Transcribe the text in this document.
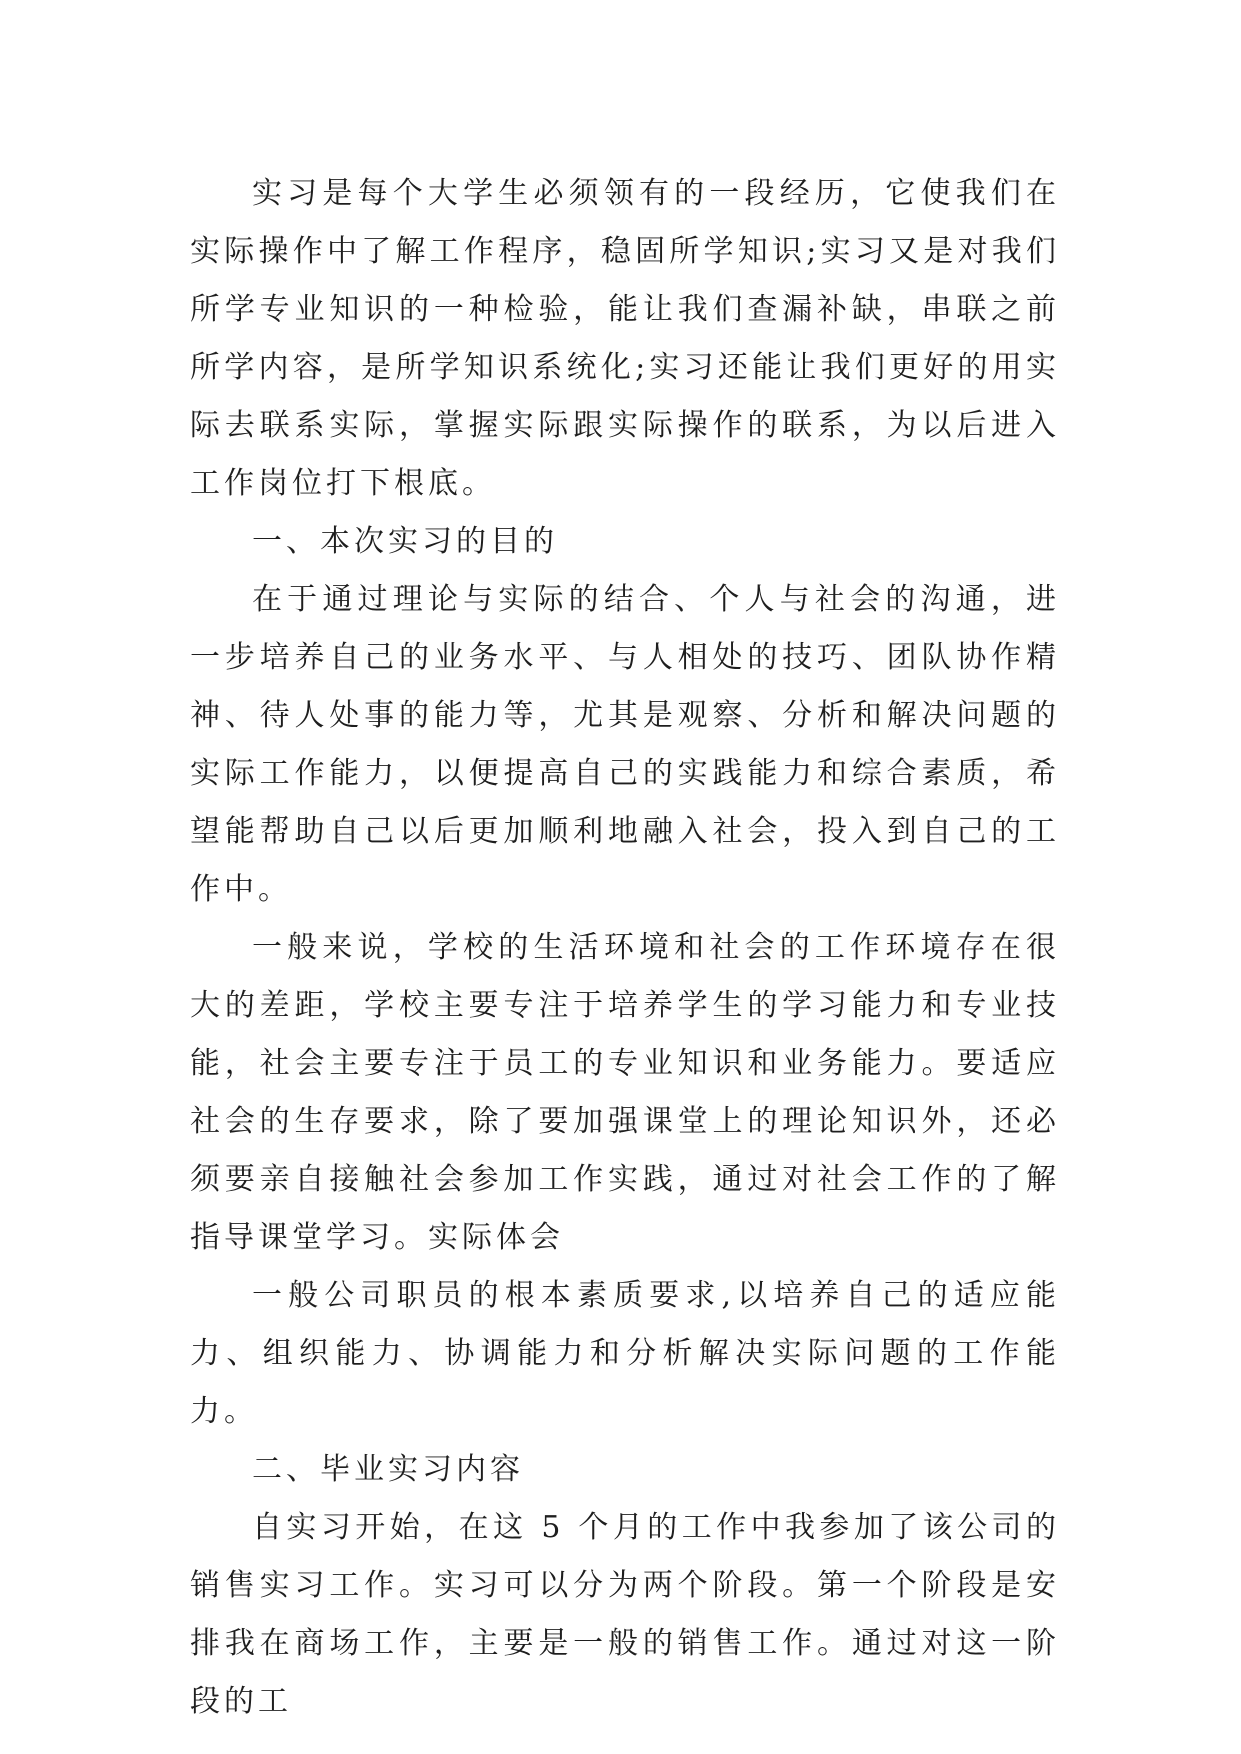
实习是每个大学生必须领有的一段经历，它使我们在实际操作中了解工作程序，稳固所学知识;实习又是对我们所学专业知识的一种检验，能让我们查漏补缺，串联之前所学内容，是所学知识系统化;实习还能让我们更好的用实际去联系实际，掌握实际跟实际操作的联系，为以后进入工作岗位打下根底。

一、本次实习的目的

在于通过理论与实际的结合、个人与社会的沟通，进一步培养自己的业务水平、与人相处的技巧、团队协作精神、待人处事的能力等，尤其是观察、分析和解决问题的实际工作能力，以便提高自己的实践能力和综合素质，希望能帮助自己以后更加顺利地融入社会，投入到自己的工作中。

一般来说，学校的生活环境和社会的工作环境存在很大的差距，学校主要专注于培养学生的学习能力和专业技能，社会主要专注于员工的专业知识和业务能力。要适应社会的生存要求，除了要加强课堂上的理论知识外，还必须要亲自接触社会参加工作实践，通过对社会工作的了解指导课堂学习。实际体会

一般公司职员的根本素质要求,以培养自己的适应能力、组织能力、协调能力和分析解决实际问题的工作能力。

二、毕业实习内容

自实习开始，在这 5 个月的工作中我参加了该公司的销售实习工作。实习可以分为两个阶段。第一个阶段是安排我在商场工作，主要是一般的销售工作。通过对这一阶段的工
